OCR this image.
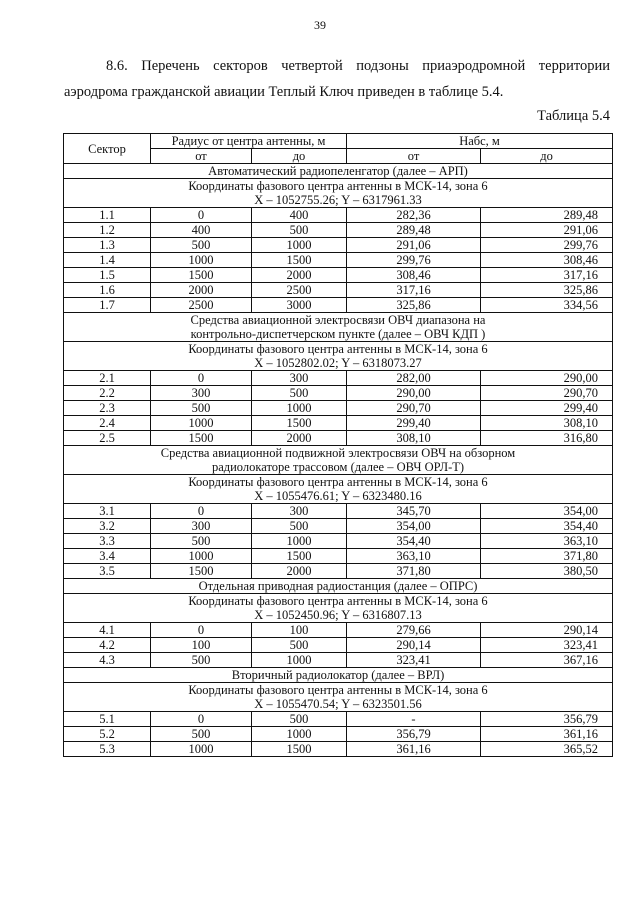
39
8.6. Перечень секторов четвертой подзоны приаэродромной территории
аэродрома гражданской авиации Теплый Ключ приведен в таблице 5.4.
Таблица 5.4
Сектор	Радиус от центра антенны, м		Набс, м	
	от	до	от	до

Автоматический радиопеленгатор (далее – АРП)				

Координаты фазового центра антенны в МСК-14, зона 6
X – 1052755.26; Y – 6317961.33				

1.1	0	400	282,36	289,48
1.2	400	500	289,48	291,06
1.3	500	1000	291,06	299,76
1.4	1000	1500	299,76	308,46
1.5	1500	2000	308,46	317,16
1.6	2000	2500	317,16	325,86
1.7	2500	3000	325,86	334,56

Средства авиационной электросвязи ОВЧ диапазона на
контрольно-диспетчерском пункте (далее – ОВЧ КДП )				

Координаты фазового центра антенны в МСК-14, зона 6
X – 1052802.02; Y – 6318073.27				

2.1	0	300	282,00	290,00
2.2	300	500	290,00	290,70
2.3	500	1000	290,70	299,40
2.4	1000	1500	299,40	308,10
2.5	1500	2000	308,10	316,80

Средства авиационной подвижной электросвязи ОВЧ на обзорном
радиолокаторе трассовом (далее – ОВЧ ОРЛ-Т)				

Координаты фазового центра антенны в МСК-14, зона 6
X – 1055476.61; Y – 6323480.16				

3.1	0	300	345,70	354,00
3.2	300	500	354,00	354,40
3.3	500	1000	354,40	363,10
3.4	1000	1500	363,10	371,80
3.5	1500	2000	371,80	380,50

Отдельная приводная радиостанция (далее – ОПРС)				

Координаты фазового центра антенны в МСК-14, зона 6
X – 1052450.96; Y – 6316807.13				

4.1	0	100	279,66	290,14
4.2	100	500	290,14	323,41
4.3	500	1000	323,41	367,16

Вторичный радиолокатор (далее – ВРЛ)				

Координаты фазового центра антенны в МСК-14, зона 6
X – 1055470.54; Y – 6323501.56				

5.1	0	500	-	356,79
5.2	500	1000	356,79	361,16
5.3	1000	1500	361,16	365,52
